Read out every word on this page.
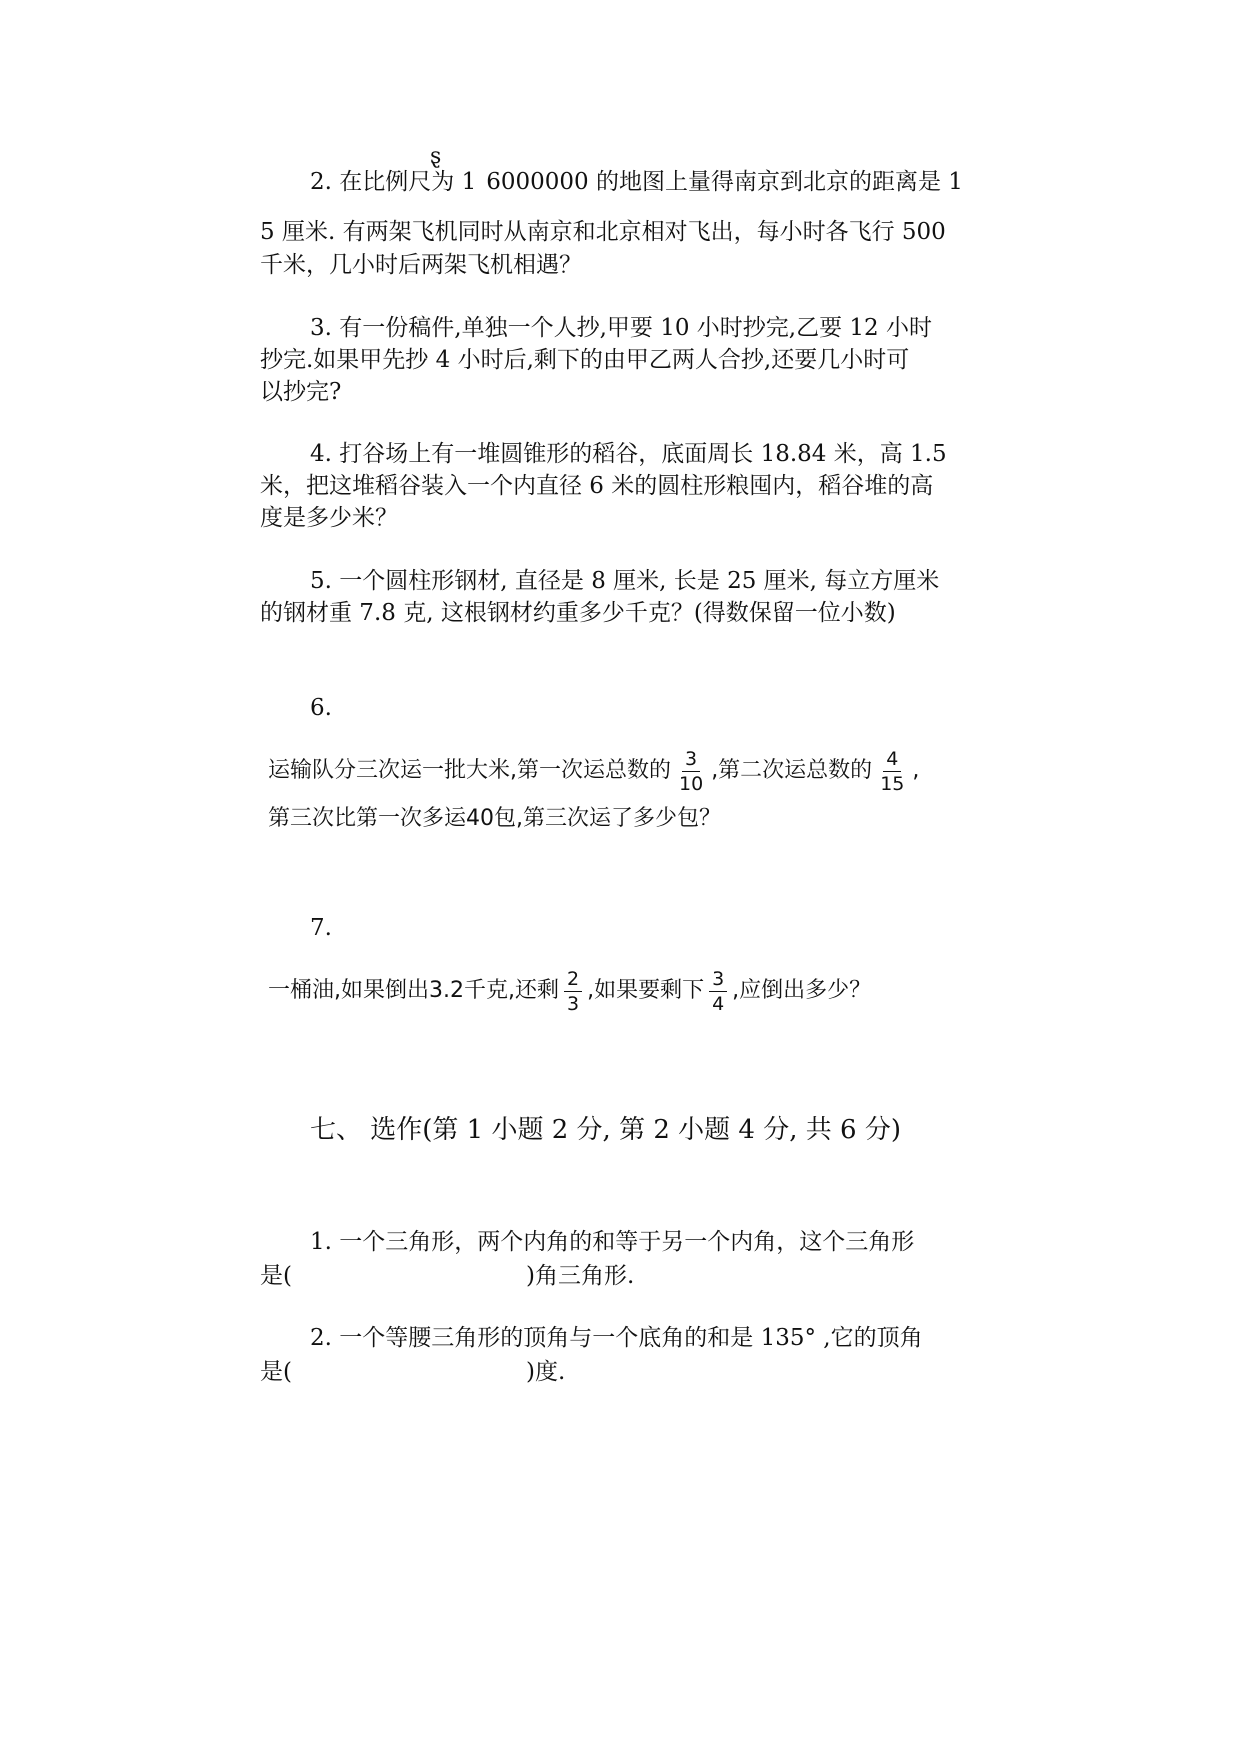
ȿ
2. 在比例尺为 1 6000000 的地图上量得南京到北京的距离是 1
5 厘米. 有两架飞机同时从南京和北京相对飞出，每小时各飞行 500
千米，几小时后两架飞机相遇？
3. 有一份稿件,单独一个人抄,甲要 10 小时抄完,乙要 12 小时
抄完.如果甲先抄 4 小时后,剩下的由甲乙两人合抄,还要几小时可
以抄完?
4. 打谷场上有一堆圆锥形的稻谷，底面周长 18.84 米，高 1.5
米，把这堆稻谷装入一个内直径 6 米的圆柱形粮囤内，稻谷堆的高
度是多少米？
5. 一个圆柱形钢材, 直径是 8 厘米, 长是 25 厘米, 每立方厘米
的钢材重 7.8 克, 这根钢材约重多少千克？(得数保留一位小数)
6.
运输队分三次运一批大米,第一次运总数的 $\frac{3}{10}$ ,第二次运总数的 $\frac{4}{15}$ ,
第三次比第一次多运40包,第三次运了多少包？
7.
一桶油,如果倒出3.2千克,还剩 $\frac{2}{3}$ ,如果要剩下 $\frac{3}{4}$ ,应倒出多少？
七、 选作(第 1 小题 2 分, 第 2 小题 4 分, 共 6 分)
1. 一个三角形，两个内角的和等于另一个内角，这个三角形
是(	)角三角形.
2. 一个等腰三角形的顶角与一个底角的和是 135° ,它的顶角
是(	)度.
